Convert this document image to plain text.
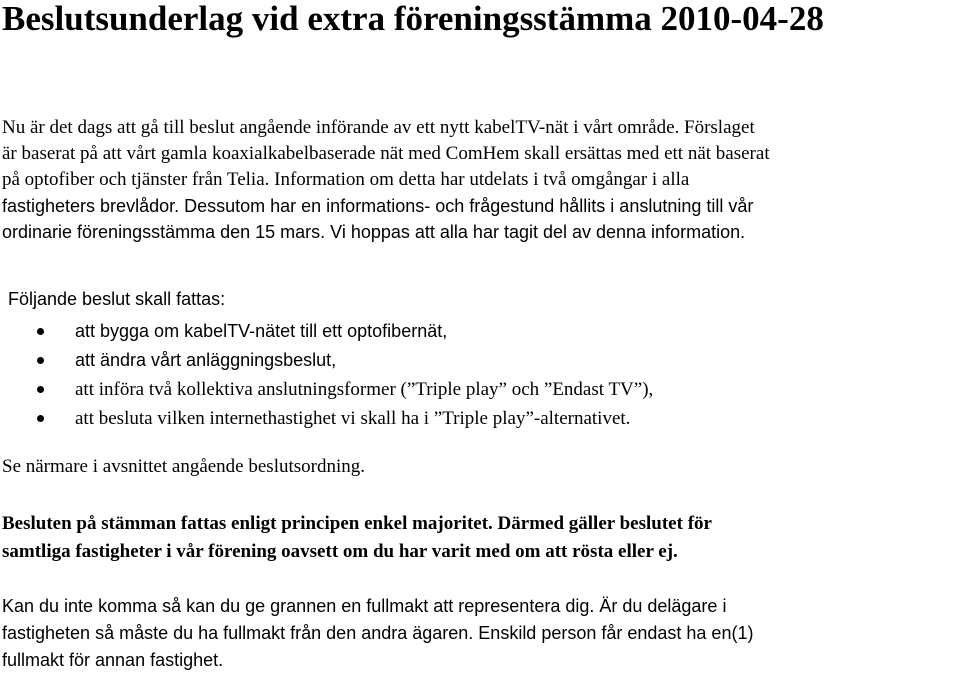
Beslutsunderlag vid extra föreningsstämma 2010-04-28

Nu är det dags att gå till beslut angående införande av ett nytt kabelTV-nät i vårt område. Förslaget
är baserat på att vårt gamla koaxialkabelbaserade nät med ComHem skall ersättas med ett nät baserat
på optofiber och tjänster från Telia. Information om detta har utdelats i två omgångar i alla
fastigheters brevlådor. Dessutom har en informations- och frågestund hållits i anslutning till vår
ordinarie föreningsstämma den 15 mars. Vi hoppas att alla har tagit del av denna information.

Följande beslut skall fattas:

att bygga om kabelTV-nätet till ett optofibernät,
att ändra vårt anläggningsbeslut,
att införa två kollektiva anslutningsformer (”Triple play” och ”Endast TV”),
att besluta vilken internethastighet vi skall ha i ”Triple play”-alternativet.

Se närmare i avsnittet angående beslutsordning.

Besluten på stämman fattas enligt principen enkel majoritet. Därmed gäller beslutet för
samtliga fastigheter i vår förening oavsett om du har varit med om att rösta eller ej.

Kan du inte komma så kan du ge grannen en fullmakt att representera dig. Är du delägare i
fastigheten så måste du ha fullmakt från den andra ägaren. Enskild person får endast ha en(1)
fullmakt för annan fastighet.
